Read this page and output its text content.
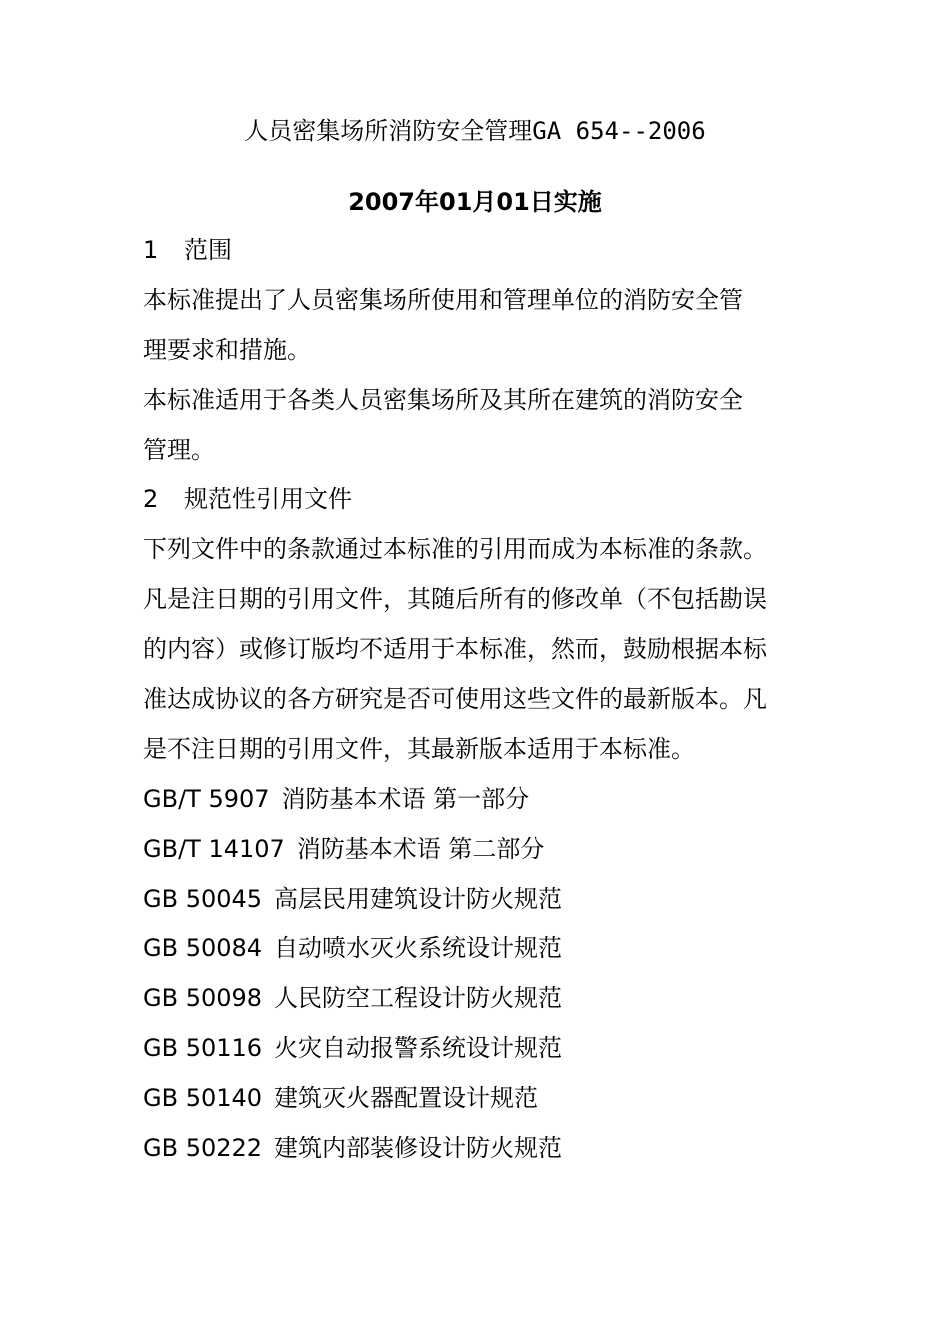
人员密集场所消防安全管理GA 654--2006
2007年01月01日实施
1 范围
本标准提出了人员密集场所使用和管理单位的消防安全管
理要求和措施。
本标准适用于各类人员密集场所及其所在建筑的消防安全
管理。
2 规范性引用文件
下列文件中的条款通过本标准的引用而成为本标准的条款。
凡是注日期的引用文件，其随后所有的修改单（不包括勘误
的内容）或修订版均不适用于本标准，然而，鼓励根据本标
准达成协议的各方研究是否可使用这些文件的最新版本。凡
是不注日期的引用文件，其最新版本适用于本标准。
GB/T 5907 消防基本术语 第一部分
GB/T 14107 消防基本术语 第二部分
GB 50045 高层民用建筑设计防火规范
GB 50084 自动喷水灭火系统设计规范
GB 50098 人民防空工程设计防火规范
GB 50116 火灾自动报警系统设计规范
GB 50140 建筑灭火器配置设计规范
GB 50222 建筑内部装修设计防火规范
